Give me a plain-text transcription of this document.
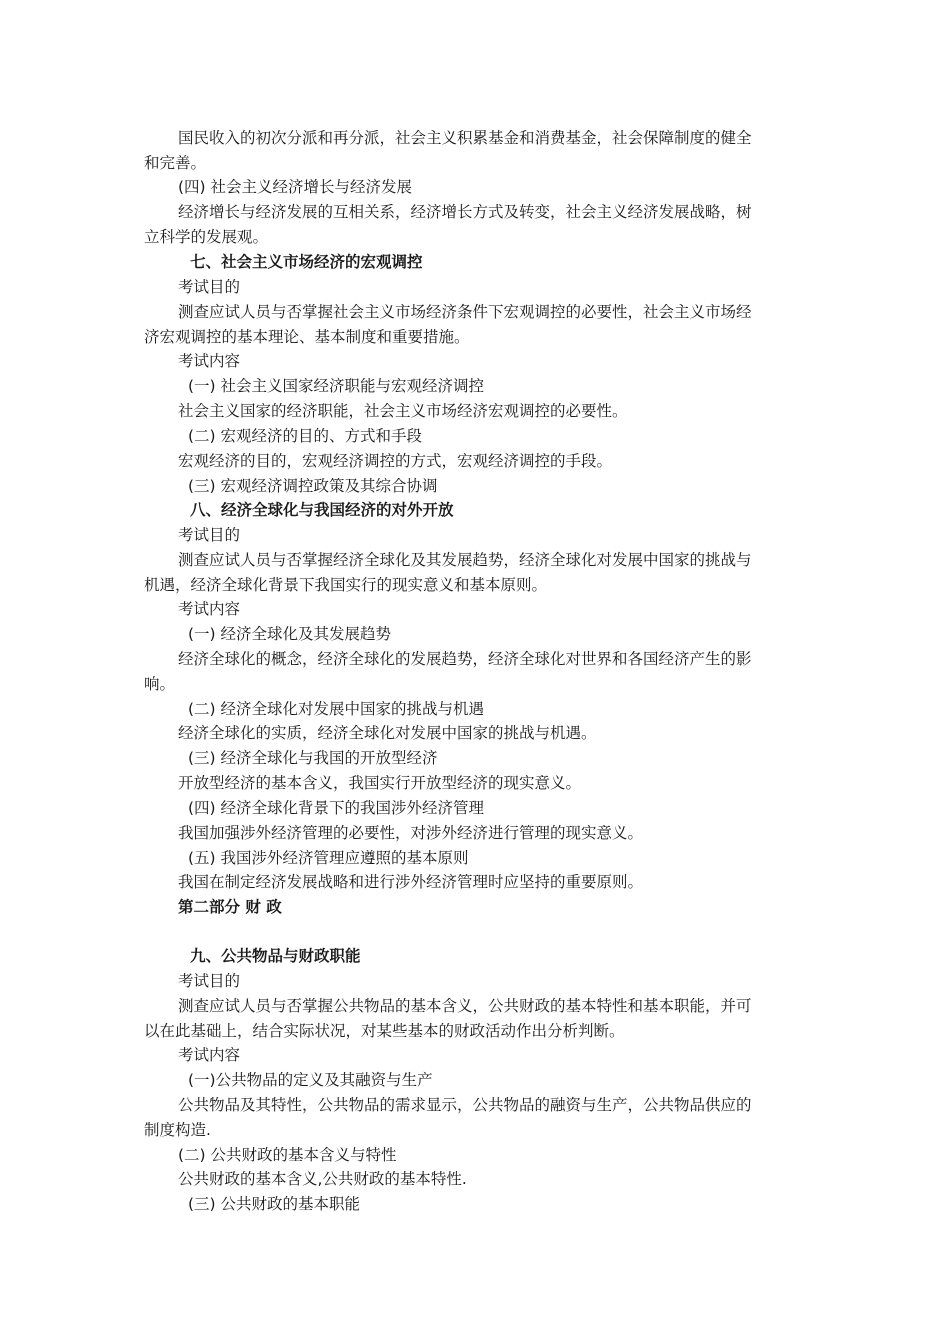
国民收入的初次分派和再分派，社会主义积累基金和消费基金，社会保障制度的健全
和完善。
(四) 社会主义经济增长与经济发展
经济增长与经济发展的互相关系，经济增长方式及转变，社会主义经济发展战略，树
立科学的发展观。
七、社会主义市场经济的宏观调控
考试目的
测查应试人员与否掌握社会主义市场经济条件下宏观调控的必要性，社会主义市场经
济宏观调控的基本理论、基本制度和重要措施。
考试内容
(一) 社会主义国家经济职能与宏观经济调控
社会主义国家的经济职能，社会主义市场经济宏观调控的必要性。
(二) 宏观经济的目的、方式和手段
宏观经济的目的，宏观经济调控的方式，宏观经济调控的手段。
(三) 宏观经济调控政策及其综合协调
八、经济全球化与我国经济的对外开放
考试目的
测查应试人员与否掌握经济全球化及其发展趋势，经济全球化对发展中国家的挑战与
机遇，经济全球化背景下我国实行的现实意义和基本原则。
考试内容
(一) 经济全球化及其发展趋势
经济全球化的概念，经济全球化的发展趋势，经济全球化对世界和各国经济产生的影
响。
(二) 经济全球化对发展中国家的挑战与机遇
经济全球化的实质，经济全球化对发展中国家的挑战与机遇。
(三) 经济全球化与我国的开放型经济
开放型经济的基本含义，我国实行开放型经济的现实意义。
(四) 经济全球化背景下的我国涉外经济管理
我国加强涉外经济管理的必要性，对涉外经济进行管理的现实意义。
(五) 我国涉外经济管理应遵照的基本原则
我国在制定经济发展战略和进行涉外经济管理时应坚持的重要原则。
第二部分 财 政
九、公共物品与财政职能
考试目的
测查应试人员与否掌握公共物品的基本含义，公共财政的基本特性和基本职能，并可
以在此基础上，结合实际状况，对某些基本的财政活动作出分析判断。
考试内容
(一)公共物品的定义及其融资与生产
公共物品及其特性，公共物品的需求显示，公共物品的融资与生产，公共物品供应的
制度构造.
(二) 公共财政的基本含义与特性
公共财政的基本含义,公共财政的基本特性.
(三) 公共财政的基本职能
